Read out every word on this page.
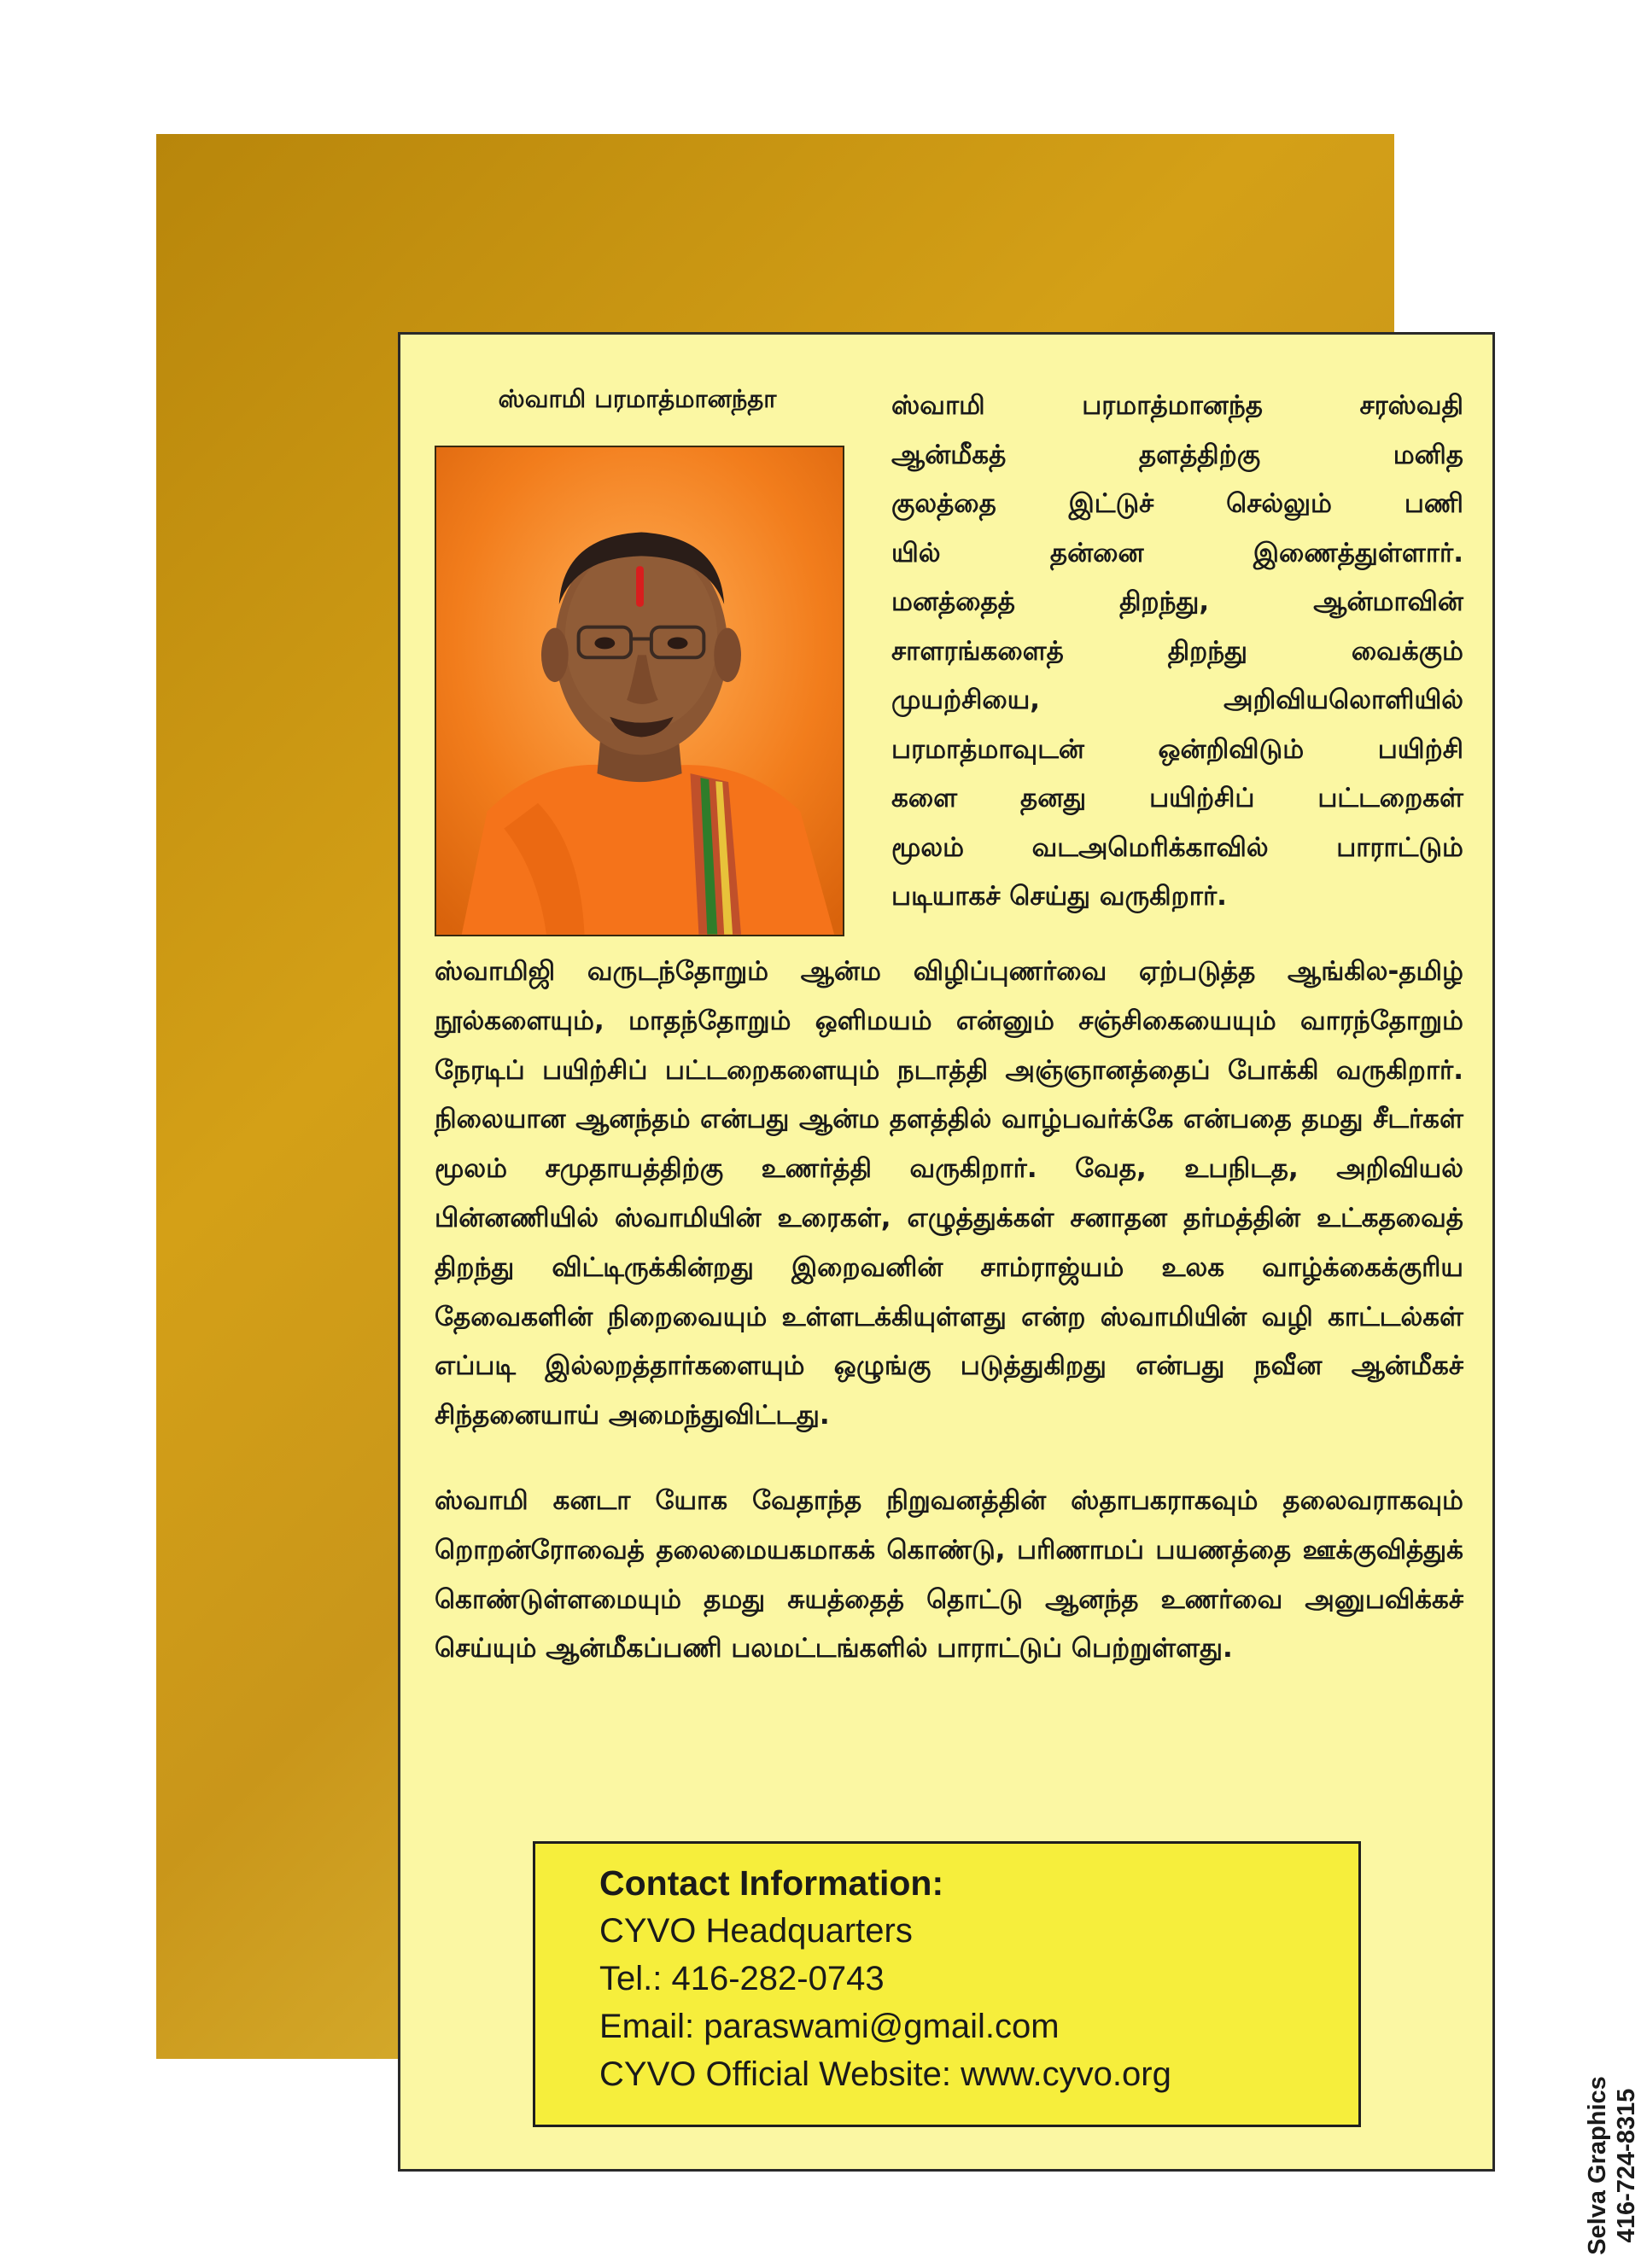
ஸ்வாமி பரமாத்மானந்தா	ஸ்வாமி பரமாத்மானந்த சரஸ்வதி
ஆன்மீகத் தளத்திற்கு மனித
குலத்தை இட்டுச் செல்லும் பணி
யில் தன்னை இணைத்துள்ளார்.
மனத்தைத் திறந்து, ஆன்மாவின்
சாளரங்களைத் திறந்து வைக்கும்
முயற்சியை, அறிவியலொளியில்
பரமாத்மாவுடன் ஒன்றிவிடும் பயிற்சி
களை தனது பயிற்சிப் பட்டறைகள்
மூலம் வடஅமெரிக்காவில் பாராட்டும்
படியாகச் செய்து வருகிறார்.
ஸ்வாமிஜி வருடந்தோறும் ஆன்ம விழிப்புணர்வை ஏற்படுத்த ஆங்கில-தமிழ் நூல்களையும், மாதந்தோறும் ஒளிமயம் என்னும் சஞ்சிகையையும் வாரந்தோறும் நேரடிப் பயிற்சிப் பட்டறைகளையும் நடாத்தி அஞ்ஞானத்தைப் போக்கி வருகிறார். நிலையான ஆனந்தம் என்பது ஆன்ம தளத்தில் வாழ்பவர்க்கே என்பதை தமது சீடர்கள் மூலம் சமுதாயத்திற்கு உணர்த்தி வருகிறார். வேத, உபநிடத, அறிவியல் பின்னணியில் ஸ்வாமியின் உரைகள், எழுத்துக்கள் சனாதன தர்மத்தின் உட்கதவைத் திறந்து விட்டிருக்கின்றது இறைவனின் சாம்ராஜ்யம் உலக வாழ்க்கைக்குரிய தேவைகளின் நிறைவையும் உள்ளடக்கியுள்ளது என்ற ஸ்வாமியின் வழி காட்டல்கள் எப்படி இல்லறத்தார்களையும் ஒழுங்கு படுத்துகிறது என்பது நவீன ஆன்மீகச் சிந்தனையாய் அமைந்துவிட்டது.
ஸ்வாமி கனடா யோக வேதாந்த நிறுவனத்தின் ஸ்தாபகராகவும் தலைவராகவும் றொறன்ரோவைத் தலைமையகமாகக் கொண்டு, பரிணாமப் பயணத்தை ஊக்குவித்துக் கொண்டுள்ளமையும் தமது சுயத்தைத் தொட்டு ஆனந்த உணர்வை அனுபவிக்கச் செய்யும் ஆன்மீகப்பணி பலமட்டங்களில் பாராட்டுப் பெற்றுள்ளது.
Contact Information:
CYVO Headquarters
Tel.: 416-282-0743
Email: paraswami@gmail.com
CYVO Official Website: www.cyvo.org
Selva Graphics 416-724-8315
